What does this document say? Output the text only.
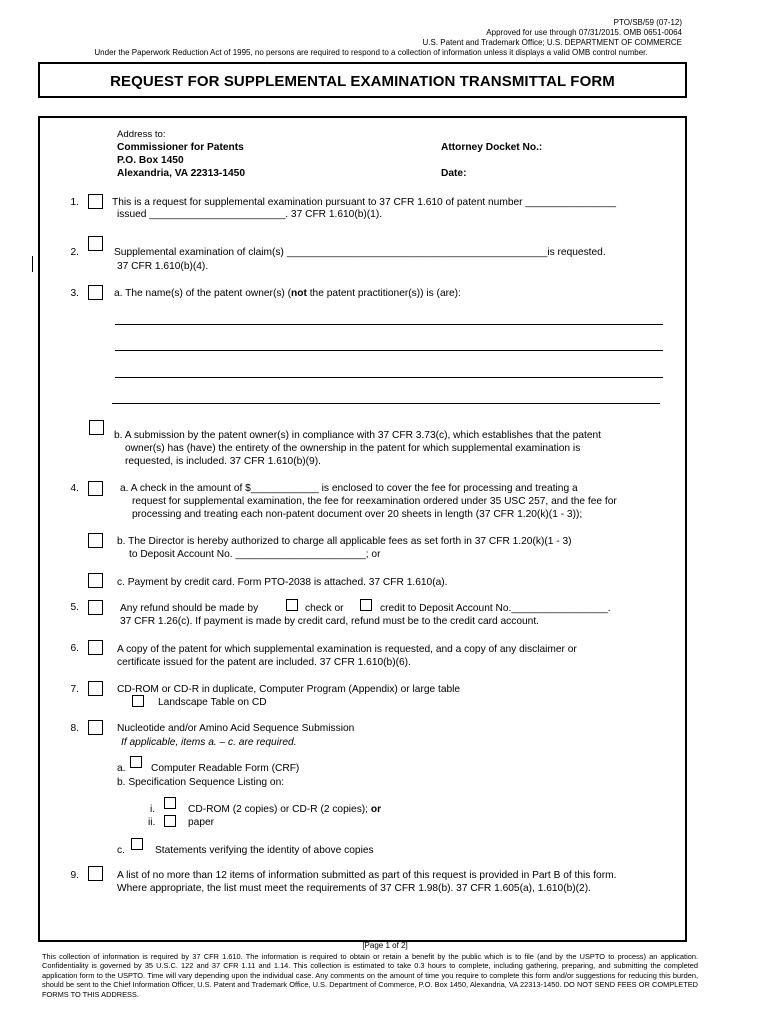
PTO/SB/59 (07-12)
Approved for use through 07/31/2015. OMB 0651-0064
U.S. Patent and Trademark Office; U.S. DEPARTMENT OF COMMERCE
Under the Paperwork Reduction Act of 1995, no persons are required to respond to a collection of information unless it displays a valid OMB control number.
REQUEST FOR SUPPLEMENTAL EXAMINATION TRANSMITTAL FORM
Address to:
Commissioner for Patents
P.O. Box 1450
Alexandria, VA 22313-1450
Attorney Docket No.:
Date:
1.	This is a request for supplemental examination pursuant to 37 CFR 1.610 of patent number ________________
issued ________________________. 37 CFR 1.610(b)(1).
2.	Supplemental examination of claim(s) ______________________________________________is requested.
37 CFR 1.610(b)(4).
3.	a. The name(s) of the patent owner(s) (not the patent practitioner(s)) is (are):
b. A submission by the patent owner(s) in compliance with 37 CFR 3.73(c), which establishes that the patent
owner(s) has (have) the entirety of the ownership in the patent for which supplemental examination is
requested, is included. 37 CFR 1.610(b)(9).
4.	a. A check in the amount of $____________ is enclosed to cover the fee for processing and treating a
request for supplemental examination, the fee for reexamination ordered under 35 USC 257, and the fee for
processing and treating each non-patent document over 20 sheets in length (37 CFR 1.20(k)(1 - 3));
b. The Director is hereby authorized to charge all applicable fees as set forth in 37 CFR 1.20(k)(1 - 3)
to Deposit Account No. _______________________; or
c. Payment by credit card. Form PTO-2038 is attached. 37 CFR 1.610(a).
5.	Any refund should be made by	check or	credit to Deposit Account No._________________.
37 CFR 1.26(c). If payment is made by credit card, refund must be to the credit card account.
6.	A copy of the patent for which supplemental examination is requested, and a copy of any disclaimer or
certificate issued for the patent are included. 37 CFR 1.610(b)(6).
7.	CD-ROM or CD-R in duplicate, Computer Program (Appendix) or large table
Landscape Table on CD
8.	Nucleotide and/or Amino Acid Sequence Submission
If applicable, items a. – c. are required.
a.	Computer Readable Form (CRF)
b. Specification Sequence Listing on:
i.	CD-ROM (2 copies) or CD-R (2 copies); or
ii.	paper
c.	Statements verifying the identity of above copies
9.	A list of no more than 12 items of information submitted as part of this request is provided in Part B of this form.
Where appropriate, the list must meet the requirements of 37 CFR 1.98(b). 37 CFR 1.605(a), 1.610(b)(2).
[Page 1 of 2]
This collection of information is required by 37 CFR 1.610. The information is required to obtain or retain a benefit by the public which is to file (and by the USPTO to process) an application. Confidentiality is governed by 35 U.S.C. 122 and 37 CFR 1.11 and 1.14. This collection is estimated to take 0.3 hours to complete, including gathering, preparing, and submitting the completed application form to the USPTO. Time will vary depending upon the individual case. Any comments on the amount of time you require to complete this form and/or suggestions for reducing this burden, should be sent to the Chief Information Officer, U.S. Patent and Trademark Office, U.S. Department of Commerce, P.O. Box 1450, Alexandria, VA 22313-1450. DO NOT SEND FEES OR COMPLETED FORMS TO THIS ADDRESS.
